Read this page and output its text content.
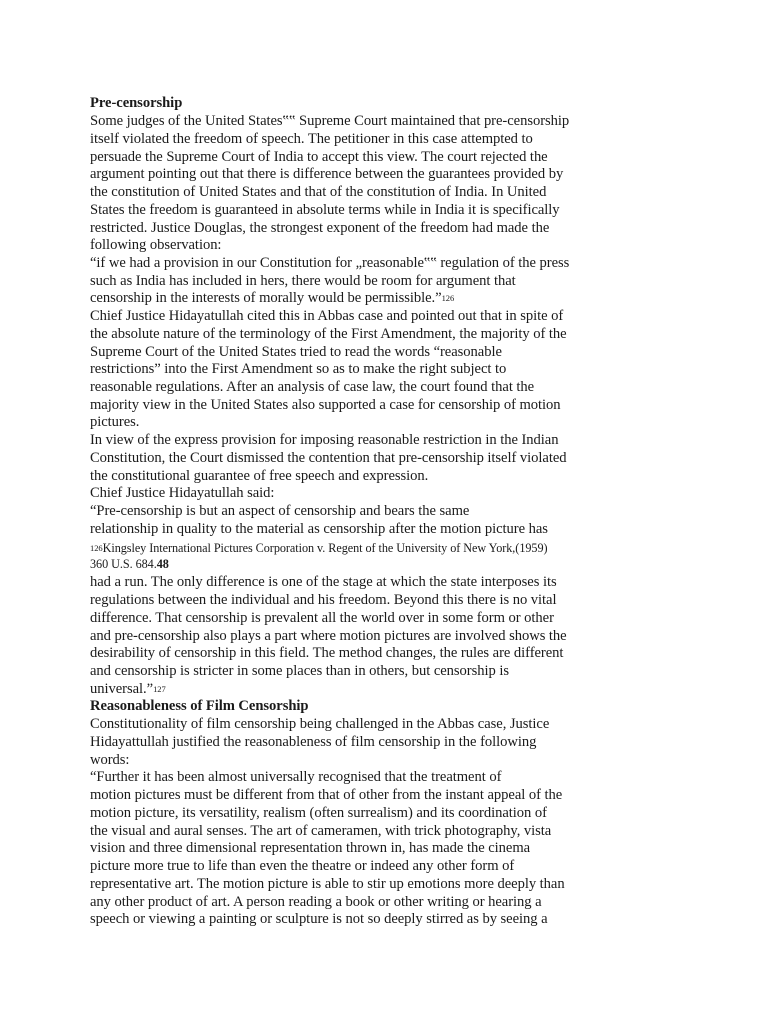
Pre-censorship
Some judges of the United States‟‟ Supreme Court maintained that pre-censorship
itself violated the freedom of speech. The petitioner in this case attempted to
persuade the Supreme Court of India to accept this view. The court rejected the
argument pointing out that there is difference between the guarantees provided by
the constitution of United States and that of the constitution of India. In United
States the freedom is guaranteed in absolute terms while in India it is specifically
restricted. Justice Douglas, the strongest exponent of the freedom had made the
following observation:
“if we had a provision in our Constitution for „reasonable‟‟ regulation of the press
such as India has included in hers, there would be room for argument that
censorship in the interests of morally would be permissible.”126
Chief Justice Hidayatullah cited this in Abbas case and pointed out that in spite of
the absolute nature of the terminology of the First Amendment, the majority of the
Supreme Court of the United States tried to read the words “reasonable
restrictions” into the First Amendment so as to make the right subject to
reasonable regulations. After an analysis of case law, the court found that the
majority view in the United States also supported a case for censorship of motion
pictures.
In view of the express provision for imposing reasonable restriction in the Indian
Constitution, the Court dismissed the contention that pre-censorship itself violated
the constitutional guarantee of free speech and expression.
Chief Justice Hidayatullah said:
“Pre-censorship is but an aspect of censorship and bears the same
relationship in quality to the material as censorship after the motion picture has
126Kingsley International Pictures Corporation v. Regent of the University of New York,(1959)
360 U.S. 684.48
had a run. The only difference is one of the stage at which the state interposes its
regulations between the individual and his freedom. Beyond this there is no vital
difference. That censorship is prevalent all the world over in some form or other
and pre-censorship also plays a part where motion pictures are involved shows the
desirability of censorship in this field. The method changes, the rules are different
and censorship is stricter in some places than in others, but censorship is
universal.”127
Reasonableness of Film Censorship
Constitutionality of film censorship being challenged in the Abbas case, Justice
Hidayattullah justified the reasonableness of film censorship in the following
words:
“Further it has been almost universally recognised that the treatment of
motion pictures must be different from that of other from the instant appeal of the
motion picture, its versatility, realism (often surrealism) and its coordination of
the visual and aural senses. The art of cameramen, with trick photography, vista
vision and three dimensional representation thrown in, has made the cinema
picture more true to life than even the theatre or indeed any other form of
representative art. The motion picture is able to stir up emotions more deeply than
any other product of art. A person reading a book or other writing or hearing a
speech or viewing a painting or sculpture is not so deeply stirred as by seeing a
